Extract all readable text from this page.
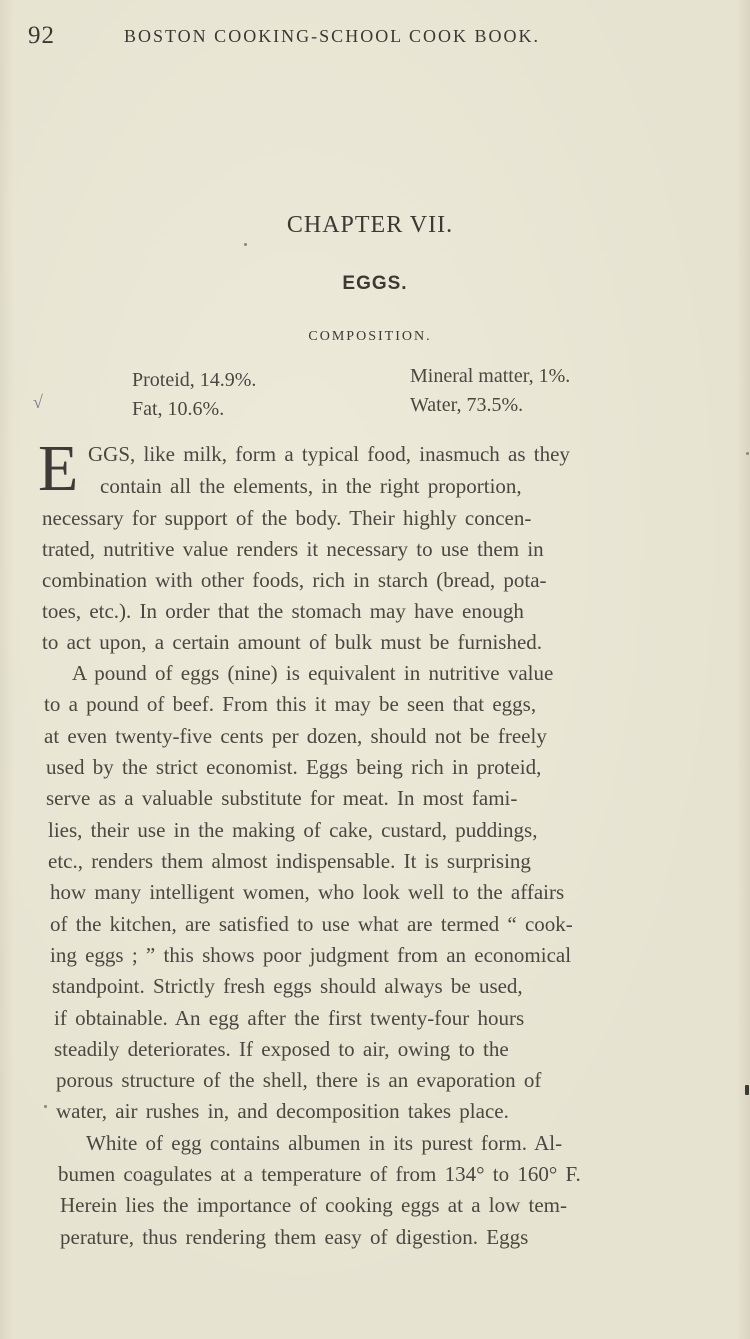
92	BOSTON COOKING-SCHOOL COOK BOOK.
CHAPTER VII.
EGGS.
COMPOSITION.
Proteid, 14.9%.	Mineral matter, 1%.
Fat, 10.6%.	Water, 73.5%.
√
E GGS, like milk, form a typical food, inasmuch as they
contain all the elements, in the right proportion,
necessary for support of the body. Their highly concen-
trated, nutritive value renders it necessary to use them in
combination with other foods, rich in starch (bread, pota-
toes, etc.). In order that the stomach may have enough
to act upon, a certain amount of bulk must be furnished.
A pound of eggs (nine) is equivalent in nutritive value
to a pound of beef. From this it may be seen that eggs,
at even twenty-five cents per dozen, should not be freely
used by the strict economist. Eggs being rich in proteid,
serve as a valuable substitute for meat. In most fami-
lies, their use in the making of cake, custard, puddings,
etc., renders them almost indispensable. It is surprising
how many intelligent women, who look well to the affairs
of the kitchen, are satisfied to use what are termed “ cook-
ing eggs ; ” this shows poor judgment from an economical
standpoint. Strictly fresh eggs should always be used,
if obtainable. An egg after the first twenty-four hours
steadily deteriorates. If exposed to air, owing to the
porous structure of the shell, there is an evaporation of
water, air rushes in, and decomposition takes place.
White of egg contains albumen in its purest form. Al-
bumen coagulates at a temperature of from 134° to 160° F.
Herein lies the importance of cooking eggs at a low tem-
perature, thus rendering them easy of digestion. Eggs
